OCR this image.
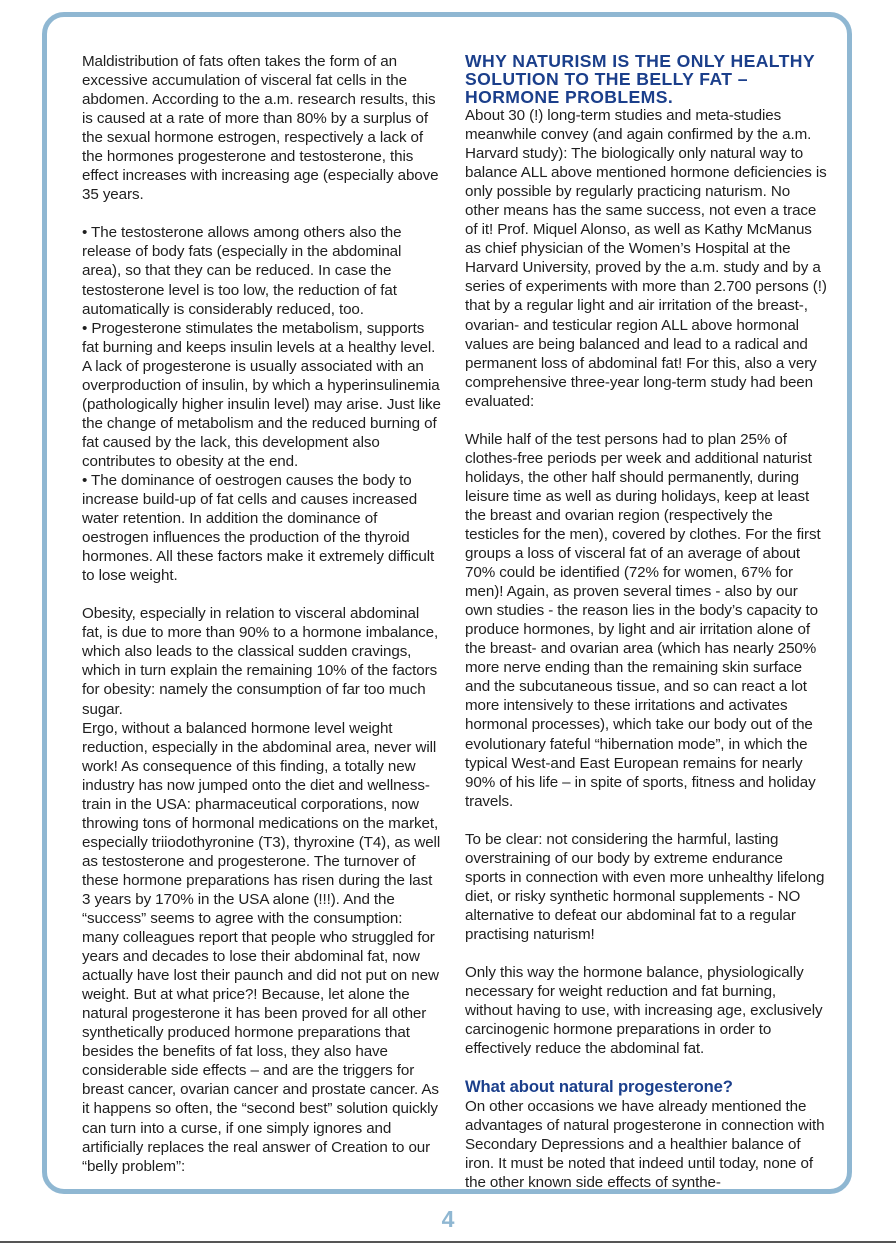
Maldistribution of fats often takes the form of an excessive accumulation of visceral fat cells in the abdomen. According to the a.m. research results, this is caused at a rate of more than 80% by a surplus of the sexual hormone estrogen, respectively a lack of the hormones progesterone and testosterone, this effect increases with increasing age (especially above 35 years.

• The testosterone allows among others also the release of body fats (especially in the abdominal area), so that they can be reduced. In case the testosterone level is too low, the reduction of fat automatically is considerably reduced, too.

• Progesterone stimulates the metabolism, supports fat burning and keeps insulin levels at a healthy level. A lack of progesterone is usually associated with an overproduction of insulin, by which a hyperinsulinemia (pathologically higher insulin level) may arise. Just like the change of metabolism and the reduced burning of fat caused by the lack, this development also contributes to obesity at the end.

• The dominance of oestrogen causes the body to increase build-up of fat cells and causes increased water retention. In addition the dominance of oestrogen influences the production of the thyroid hormones. All these factors make it extremely difficult to lose weight.

Obesity, especially in relation to visceral abdominal fat, is due to more than 90% to a hormone imbalance, which also leads to the classical sudden cravings, which in turn explain the remaining 10% of the factors for obesity: namely the consumption of far too much sugar.

Ergo, without a balanced hormone level weight reduction, especially in the abdominal area, never will work! As consequence of this finding, a totally new industry has now jumped onto the diet and wellness-train in the USA: pharmaceutical corporations, now throwing tons of hormonal medications on the market, especially triiodothyronine (T3), thyroxine (T4), as well as testosterone and progesterone. The turnover of these hormone preparations has risen during the last 3 years by 170% in the USA alone (!!!). And the “success” seems to agree with the consumption: many colleagues report that people who struggled for years and decades to lose their abdominal fat, now actually have lost their paunch and did not put on new weight. But at what price?! Because, let alone the natural progesterone it has been proved for all other synthetically produced hormone preparations that besides the benefits of fat loss, they also have considerable side effects – and are the triggers for breast cancer, ovarian cancer and prostate cancer. As it happens so often, the “second best” solution quickly can turn into a curse, if one simply ignores and artificially replaces the real answer of Creation to our “belly problem”:

WHY NATURISM IS THE ONLY HEALTHY SOLUTION TO THE BELLY FAT – HORMONE PROBLEMS.

About 30 (!) long-term studies and meta-studies meanwhile convey (and again confirmed by the a.m. Harvard study): The biologically only natural way to balance ALL above mentioned hormone deficiencies is only possible by regularly practicing naturism. No other means has the same success, not even a trace of it! Prof. Miquel Alonso, as well as Kathy McManus as chief physician of the Women’s Hospital at the Harvard University, proved by the a.m. study and by a series of experiments with more than 2.700 persons (!) that by a regular light and air irritation of the breast-, ovarian- and testicular region ALL above hormonal values are being balanced and lead to a radical and permanent loss of abdominal fat! For this, also a very comprehensive three-year long-term study had been evaluated:

While half of the test persons had to plan 25% of clothes-free periods per week and additional naturist holidays, the other half should permanently, during leisure time as well as during holidays, keep at least the breast and ovarian region (respectively the testicles for the men), covered by clothes. For the first groups a loss of visceral fat of an average of about 70% could be identified (72% for women, 67% for men)! Again, as proven several times - also by our own studies - the reason lies in the body’s capacity to produce hormones, by light and air irritation alone of the breast- and ovarian area (which has nearly 250% more nerve ending than the remaining skin surface and the subcutaneous tissue, and so can react a lot more intensively to these irritations and activates hormonal processes), which take our body out of the evolutionary fateful “hibernation mode”, in which the typical West-and East European remains for nearly 90% of his life – in spite of sports, fitness and holiday travels.

To be clear: not considering the harmful, lasting overstraining of our body by extreme endurance sports in connection with even more unhealthy lifelong diet, or risky synthetic hormonal supplements - NO alternative to defeat our abdominal fat to a regular practising naturism!

Only this way the hormone balance, physiologically necessary for weight reduction and fat burning, without having to use, with increasing age, exclusively carcinogenic hormone preparations in order to effectively reduce the abdominal fat.

What about natural progesterone?

On other occasions we have already mentioned the advantages of natural progesterone in connection with Secondary Depressions and a healthier balance of iron. It must be noted that indeed until today, none of the other known side effects of synthe-

4
